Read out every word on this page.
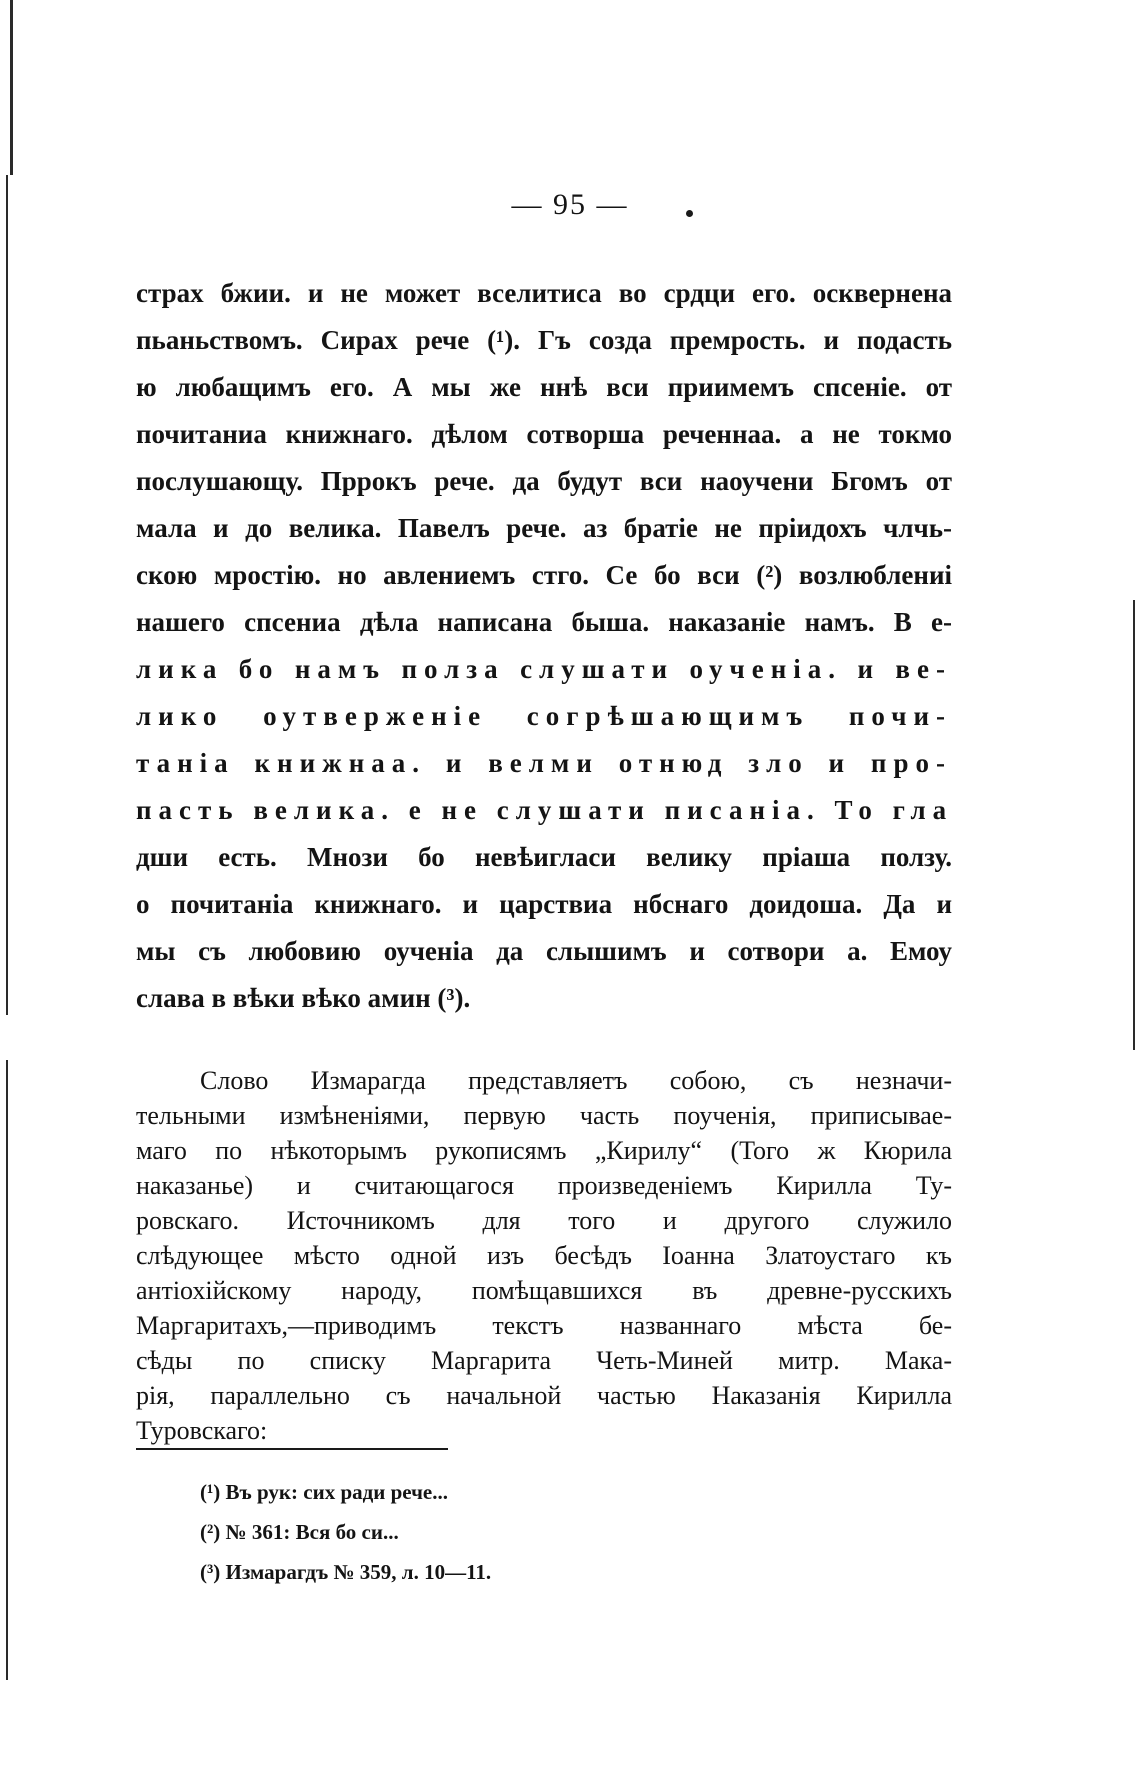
— 95 —
страх бжии. и не может вселитиса во срдци его. осквернена
пьаньствомъ. Сирах рече (¹). Гъ созда премрость. и подасть
ю любащимъ его. А мы же ннѣ вси приимемъ спсеніе. от
почитаниа книжнаго. дѣлом сотворша реченнаа. а не токмо
послушающу. Пррокъ рече. да будут вси наоучени Бгомъ от
мала и до велика. Павелъ рече. аз братіе не пріидохъ члчь-
скою мростію. но авлениемъ стго. Се бо вси (²) возлюблениі
нашего спсениа дѣла написана быша. наказаніе намъ. В е-
лика бо намъ полза слушати оученіа. и ве-
лико оутверженіе согрѣшающимъ почи-
таніа книжнаа. и велми отнюд зло и про-
пасть велика. е не слушати писаніа. То гла
дши есть. Мнози бо невѣигласи велику пріаша ползу.
о почитаніа книжнаго. и царствиа нбснаго доидоша. Да и
мы съ любовию оученіа да слышимъ и сотвори а. Емоу
слава в вѣки вѣко амин (³).
Слово Измарагда представляетъ собою, съ незначи-
тельными измѣненіями, первую часть поученія, приписывае-
маго по нѣкоторымъ рукописямъ „Кирилу“ (Того ж Кюрила
наказанье) и считающагося произведеніемъ Кирилла Ту-
ровскаго. Источникомъ для того и другого служило
слѣдующее мѣсто одной изъ бесѣдъ Іоанна Златоустаго къ
антіохійскому народу, помѣщавшихся въ древне-русскихъ
Маргаритахъ,—приводимъ текстъ названнаго мѣста бе-
сѣды по списку Маргарита Четь-Миней митр. Мака-
рія, параллельно съ начальной частью Наказанія Кирилла
Туровскаго:
(¹) Въ рук: сих ради рече...
(²) № 361: Вся бо си...
(³) Измарагдъ № 359, л. 10—11.
